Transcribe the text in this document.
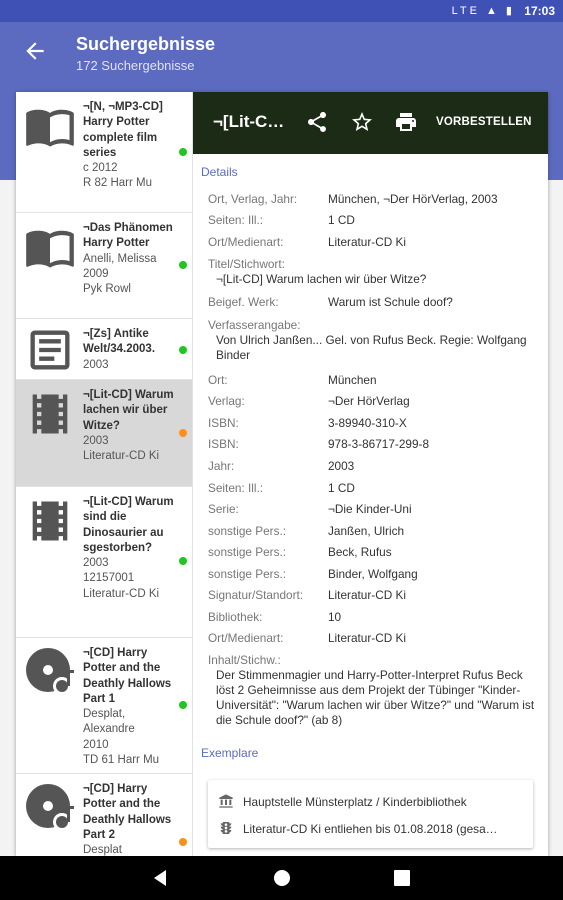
LTE ▲ ▮ 17:03
Suchergebnisse
172 Suchergebnisse
¬[N, ¬MP3-CD] Harry Potter complete film series
c 2012
R 82 Harr Mu
¬Das Phänomen Harry Potter
Anelli, Melissa
2009
Pyk Rowl
¬[Zs] Antike Welt/34.2003.
2003
¬[Lit-CD] Warum lachen wir über Witze?
2003
Literatur-CD Ki
¬[Lit-CD] Warum sind die Dinosaurier au sgestorben?
2003
12157001
Literatur-CD Ki
¬[CD] Harry Potter and the Deathly Hallows Part 1
Desplat, Alexandre
2010
TD 61 Harr Mu
¬[CD] Harry Potter and the Deathly Hallows Part 2
Desplat
¬[Lit-C…	VORBESTELLEN
Details
Ort, Verlag, Jahr:	München, ¬Der HörVerlag, 2003
Seiten: Ill.:	1 CD
Ort/Medienart:	Literatur-CD Ki
Titel/Stichwort:
¬[Lit-CD] Warum lachen wir über Witze?
Beigef. Werk:	Warum ist Schule doof?
Verfasserangabe:
Von Ulrich Janßen... Gel. von Rufus Beck. Regie: Wolfgang Binder
Ort:	München
Verlag:	¬Der HörVerlag
ISBN:	3-89940-310-X
ISBN:	978-3-86717-299-8
Jahr:	2003
Seiten: Ill.:	1 CD
Serie:	¬Die Kinder-Uni
sonstige Pers.:	Janßen, Ulrich
sonstige Pers.:	Beck, Rufus
sonstige Pers.:	Binder, Wolfgang
Signatur/Standort: Literatur-CD Ki
Bibliothek:	10
Ort/Medienart:	Literatur-CD Ki
Inhalt/Stichw.:
Der Stimmenmagier und Harry-Potter-Interpret Rufus Beck löst 2 Geheimnisse aus dem Projekt der Tübinger "Kinder-Universität": "Warum lachen wir über Witze?" und "Warum ist die Schule doof?" (ab 8)
Exemplare
Hauptstelle Münsterplatz / Kinderbibliothek
Literatur-CD Ki entliehen bis 01.08.2018 (gesa…
